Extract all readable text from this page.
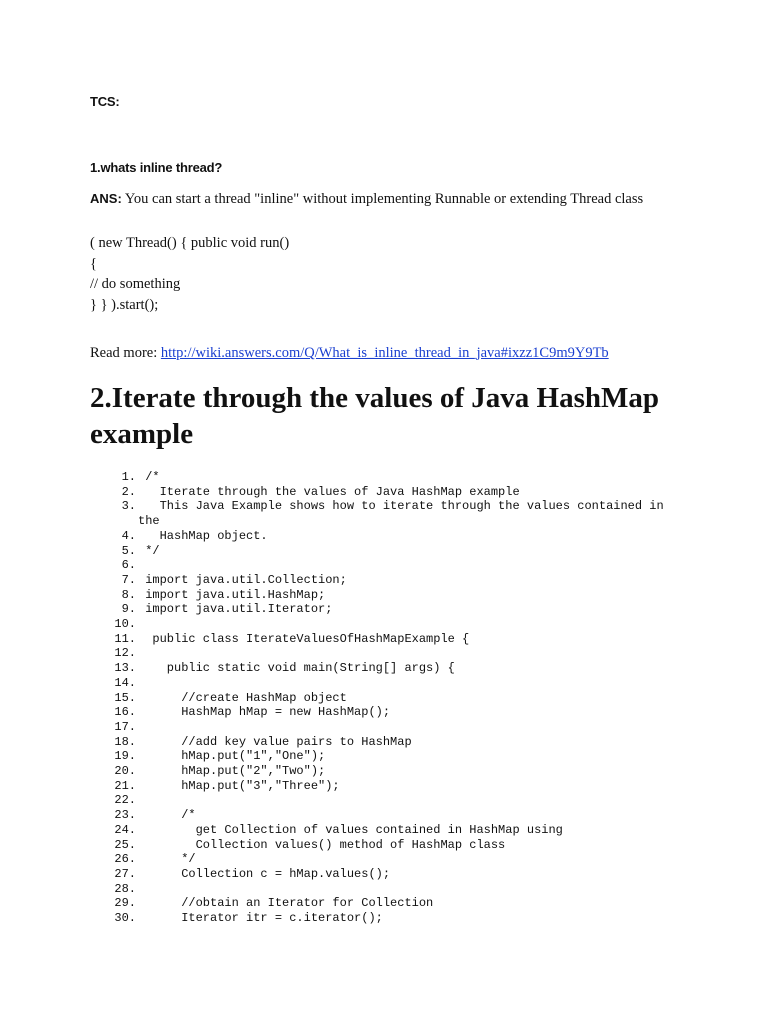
TCS:
1.whats inline thread?
ANS: You can start a thread "inline" without implementing Runnable or extending Thread class
( new Thread() { public void run()
{
// do something
} } ).start();
Read more: http://wiki.answers.com/Q/What_is_inline_thread_in_java#ixzz1C9m9Y9Tb
2.Iterate through the values of Java HashMap example
1. /*
2. Iterate through the values of Java HashMap example
3. This Java Example shows how to iterate through the values contained in
the
4. HashMap object.
5. */
6.
7. import java.util.Collection;
8. import java.util.HashMap;
9. import java.util.Iterator;
10.
11. public class IterateValuesOfHashMapExample {
12.
13. public static void main(String[] args) {
14.
15. //create HashMap object
16. HashMap hMap = new HashMap();
17.
18. //add key value pairs to HashMap
19. hMap.put("1","One");
20. hMap.put("2","Two");
21. hMap.put("3","Three");
22.
23. /*
24. get Collection of values contained in HashMap using
25. Collection values() method of HashMap class
26. */
27. Collection c = hMap.values();
28.
29. //obtain an Iterator for Collection
30. Iterator itr = c.iterator();
